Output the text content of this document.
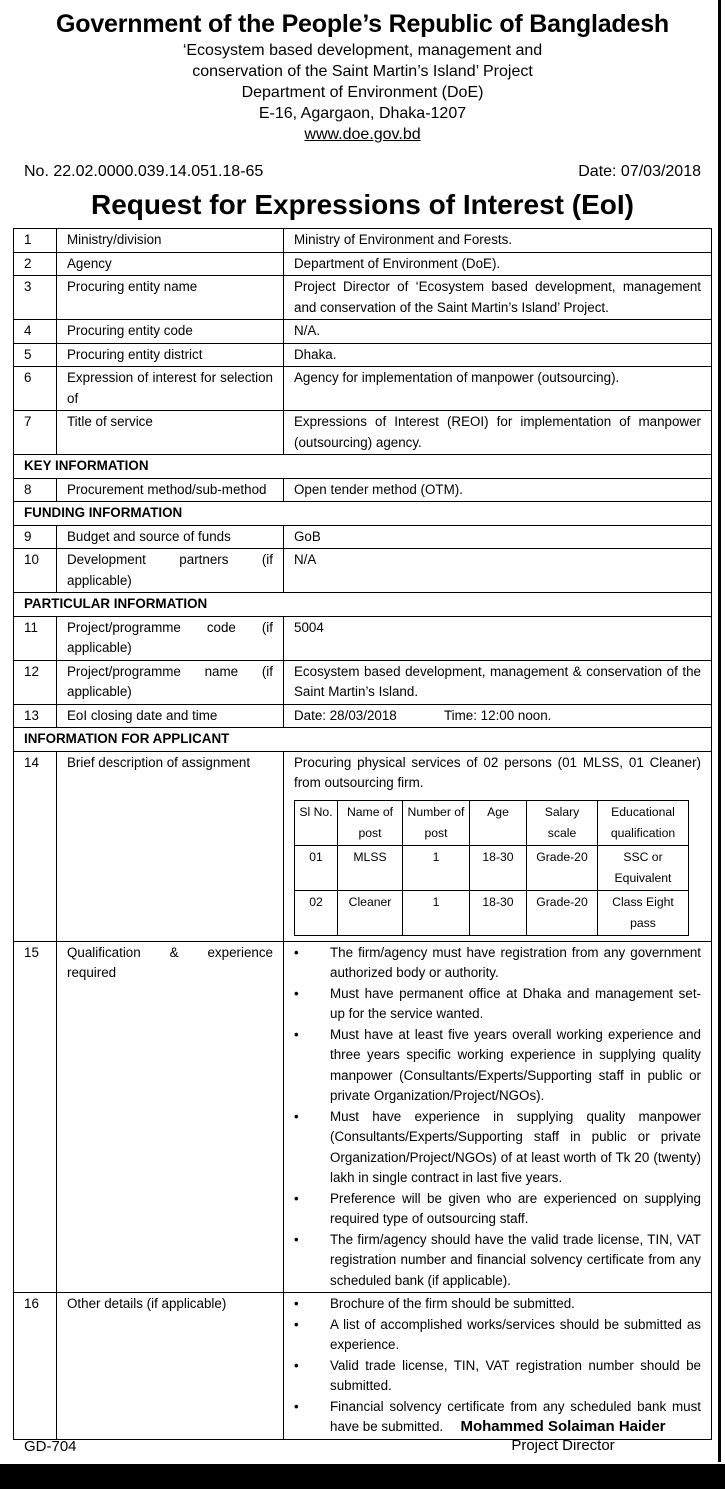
Government of the People’s Republic of Bangladesh
‘Ecosystem based development, management and
conservation of the Saint Martin’s Island’ Project
Department of Environment (DoE)
E-16, Agargaon, Dhaka-1207
www.doe.gov.bd
No. 22.02.0000.039.14.051.18-65	Date: 07/03/2018
Request for Expressions of Interest (EoI)
1	Ministry/division	Ministry of Environment and Forests.
2	Agency	Department of Environment (DoE).
3	Procuring entity name	Project Director of ‘Ecosystem based development, management and conservation of the Saint Martin’s Island’ Project.
4	Procuring entity code	N/A.
5	Procuring entity district	Dhaka.
6	Expression of interest for selection of	Agency for implementation of manpower (outsourcing).
7	Title of service	Expressions of Interest (REOI) for implementation of manpower (outsourcing) agency.
KEY INFORMATION
8	Procurement method/sub-method	Open tender method (OTM).
FUNDING INFORMATION
9	Budget and source of funds	GoB
10	Development partners (if applicable)	N/A
PARTICULAR INFORMATION
11	Project/programme code (if applicable)	5004
12	Project/programme name (if applicable)	Ecosystem based development, management & conservation of the Saint Martin’s Island.
13	EoI closing date and time	Date: 28/03/2018	Time: 12:00 noon.
INFORMATION FOR APPLICANT
14	Brief description of assignment	Procuring physical services of 02 persons (01 MLSS, 01 Cleaner) from outsourcing firm.
Sl No.	Name of post	Number of post	Age	Salary scale	Educational qualification
01	MLSS	1	18-30	Grade-20	SSC or Equivalent
02	Cleaner	1	18-30	Grade-20	Class Eight pass

15	Qualification & experience required	
• The firm/agency must have registration from any government authorized body or authority.
• Must have permanent office at Dhaka and management set-up for the service wanted.
• Must have at least five years overall working experience and three years specific working experience in supplying quality manpower (Consultants/Experts/Supporting staff in public or private Organization/Project/NGOs).
• Must have experience in supplying quality manpower (Consultants/Experts/Supporting staff in public or private Organization/Project/NGOs) of at least worth of Tk 20 (twenty) lakh in single contract in last five years.
• Preference will be given who are experienced on supplying required type of outsourcing staff.
• The firm/agency should have the valid trade license, TIN, VAT registration number and financial solvency certificate from any scheduled bank (if applicable).

16	Other details (if applicable)	• Brochure of the firm should be submitted.
• A list of accomplished works/services should be submitted as experience.
• Valid trade license, TIN, VAT registration number should be submitted.
• Financial solvency certificate from any scheduled bank must have be submitted.	Mohammed Solaiman Haider
Project Director
GD-704
